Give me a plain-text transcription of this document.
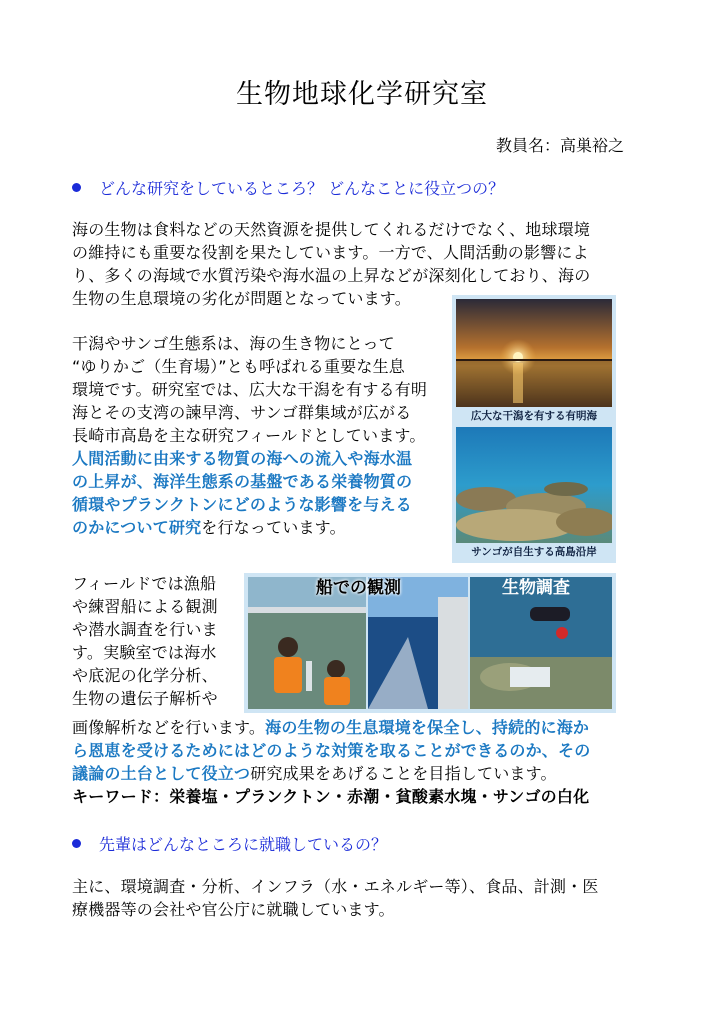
生物地球化学研究室
教員名：高巣裕之
どんな研究をしているところ？ どんなことに役立つの？
海の生物は食料などの天然資源を提供してくれるだけでなく、地球環境
の維持にも重要な役割を果たしています。一方で、人間活動の影響によ
り、多くの海域で水質汚染や海水温の上昇などが深刻化しており、海の
生物の生息環境の劣化が問題となっています。
干潟やサンゴ生態系は、海の生き物にとって
“ゆりかご（生育場）”とも呼ばれる重要な生息
環境です。研究室では、広大な干潟を有する有明
海とその支湾の諫早湾、サンゴ群集域が広がる
長崎市高島を主な研究フィールドとしています。
人間活動に由来する物質の海への流入や海水温
の上昇が、海洋生態系の基盤である栄養物質の
循環やプランクトンにどのような影響を与える
のかについて研究を行なっています。
広大な干潟を有する有明海
サンゴが自生する高島沿岸
フィールドでは漁船
や練習船による観測
や潜水調査を行いま
す。実験室では海水
や底泥の化学分析、
生物の遺伝子解析や
船での観測	生物調査
画像解析などを行います。海の生物の生息環境を保全し、持続的に海か
ら恩恵を受けるためにはどのような対策を取ることができるのか、その
議論の土台として役立つ研究成果をあげることを目指しています。
キーワード：栄養塩・プランクトン・赤潮・貧酸素水塊・サンゴの白化
先輩はどんなところに就職しているの？
主に、環境調査・分析、インフラ（水・エネルギー等）、食品、計測・医
療機器等の会社や官公庁に就職しています。
